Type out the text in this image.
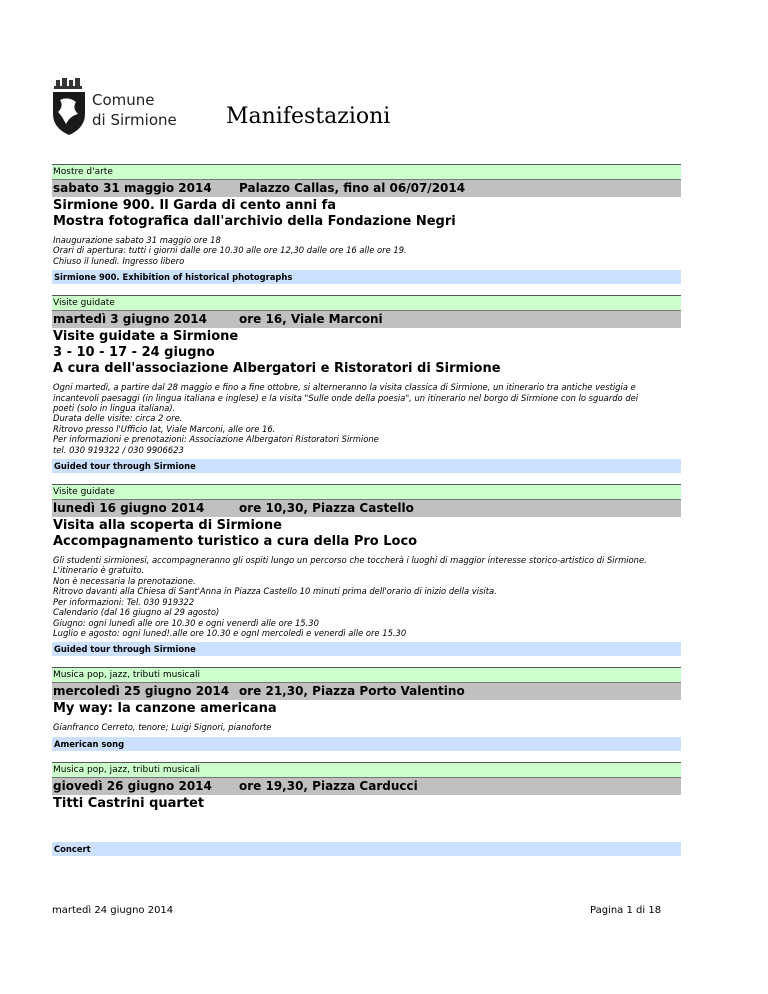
Comune
di Sirmione Manifestazioni
Mostre d'arte
sabato 31 maggio 2014 Palazzo Callas, fino al 06/07/2014
Sirmione 900. Il Garda di cento anni fa
Mostra fotografica dall'archivio della Fondazione Negri
Inaugurazione sabato 31 maggio ore 18
Orari di apertura: tutti i giorni dalle ore 10.30 alle ore 12,30 dalle ore 16 alle ore 19.
Chiuso il lunedì. Ingresso libero
Sirmione 900. Exhibition of historical photographs
Visite guidate
martedì 3 giugno 2014	ore 16, Viale Marconi
Visite guidate a Sirmione
3 - 10 - 17 - 24 giugno
A cura dell'associazione Albergatori e Ristoratori di Sirmione
Ogni martedì, a partire dal 28 maggio e fino a fine ottobre, si alterneranno la visita classica di Sirmione, un itinerario tra antiche vestigia e
incantevoli paesaggi (in lingua italiana e inglese) e la visita "Sulle onde della poesia", un itinerario nel borgo di Sirmione con lo sguardo dei
poeti (solo in lingua italiana).
Durata delle visite: circa 2 ore.
Ritrovo presso l'Ufficio Iat, Viale Marconi, alle ore 16.
Per informazioni e prenotazioni: Associazione Albergatori Ristoratori Sirmione
tel. 030 919322 / 030 9906623
Guided tour through Sirmione
Visite guidate
lunedì 16 giugno 2014	ore 10,30, Piazza Castello
Visita alla scoperta di Sirmione
Accompagnamento turistico a cura della Pro Loco
Gli studenti sirmionesi, accompagneranno gli ospiti lungo un percorso che toccherà i luoghi di maggior interesse storico-artistico di Sirmione.
L'itinerario è gratuito.
Non è necessaria la prenotazione.
Ritrovo davanti alla Chiesa di Sant'Anna in Piazza Castello 10 minuti prima dell'orario di inizio della visita.
Per informazioni: Tel. 030 919322
Calendario (dal 16 giugno al 29 agosto)
Giugno: ogni lunedì alle ore 10.30 e ogni venerdì alle ore 15.30
Luglio e agosto: ogni luned!.alle ore 10.30 e ognI mercoledì e venerdì alle ore 15.30
Guided tour through Sirmione
Musica pop, jazz, tributi musicali
mercoledì 25 giugno 2014 ore 21,30, Piazza Porto Valentino
My way: la canzone americana
Gianfranco Cerreto, tenore; Luigi Signori, pianoforte
American song
Musica pop, jazz, tributi musicali
giovedì 26 giugno 2014 ore 19,30, Piazza Carducci
Titti Castrini quartet
Concert
martedì 24 giugno 2014	Pagina 1 di 18
